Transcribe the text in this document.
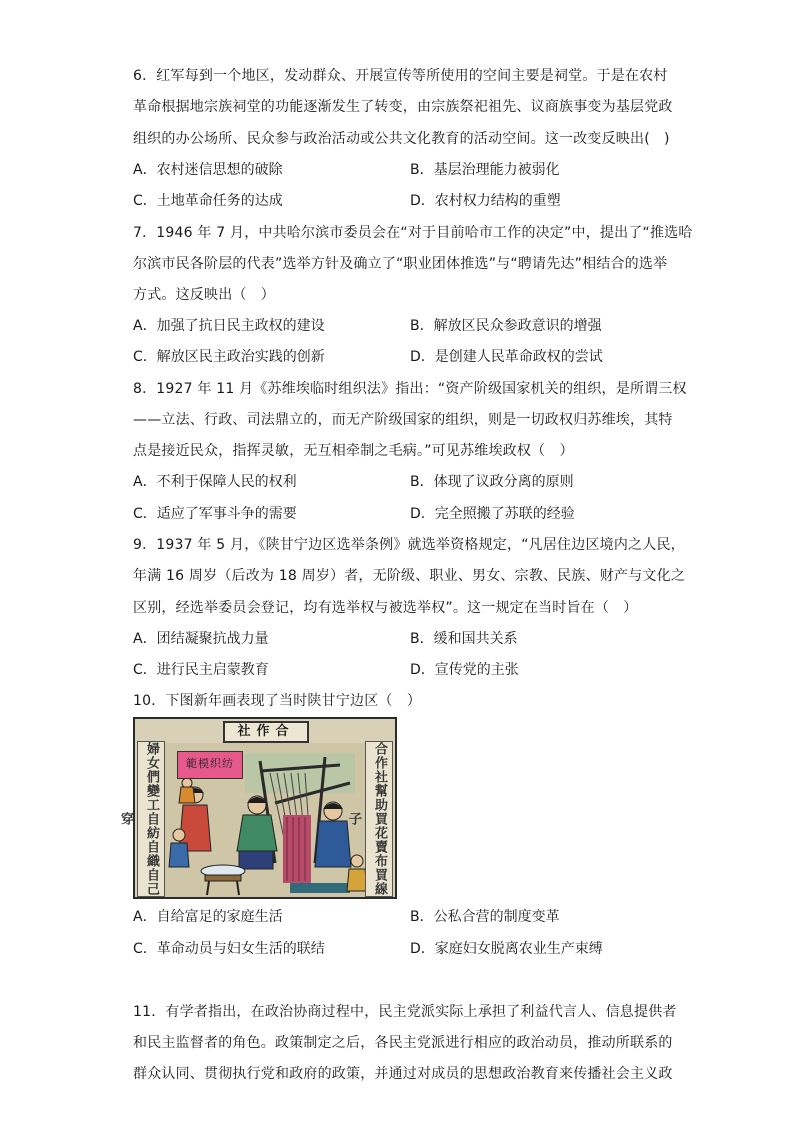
6．红军每到一个地区，发动群众、开展宣传等所使用的空间主要是祠堂。于是在农村
革命根据地宗族祠堂的功能逐渐发生了转变，由宗族祭祀祖先、议商族事变为基层党政
组织的办公场所、民众参与政治活动或公共文化教育的活动空间。这一改变反映出(　)
A．农村迷信思想的破除	B．基层治理能力被弱化
C．土地革命任务的达成	D．农村权力结构的重塑
7．1946 年 7 月，中共哈尔滨市委员会在“对于目前哈市工作的决定”中，提出了“推选哈
尔滨市民各阶层的代表”选举方针及确立了“职业团体推选”与“聘请先达”相结合的选举
方式。这反映出（　）
A．加强了抗日民主政权的建设	B．解放区民众参政意识的增强
C．解放区民主政治实践的创新	D．是创建人民革命政权的尝试
8．1927 年 11 月《苏维埃临时组织法》指出：“资产阶级国家机关的组织，是所谓三权
——立法、行政、司法鼎立的，而无产阶级国家的组织，则是一切政权归苏维埃，其特
点是接近民众，指挥灵敏，无互相牵制之毛病。”可见苏维埃政权（　）
A．不利于保障人民的权利	B．体现了议政分离的原则
C．适应了军事斗争的需要	D．完全照搬了苏联的经验
9．1937 年 5 月，《陕甘宁边区选举条例》就选举资格规定，“凡居住边区境内之人民，
年满 16 周岁（后改为 18 周岁）者，无阶级、职业、男女、宗教、民族、财产与文化之
区别，经选举委员会登记，均有选举权与被选举权”。这一规定在当时旨在（　）
A．团结凝聚抗战力量	B．缓和国共关系
C．进行民主启蒙教育	D．宣传党的主张
10．下图新年画表现了当时陕甘宁边区（　）
社作合
範模织纺
婦女們變工自紡自織自己穿	合作社幫助買花賣布買線子
A．自给富足的家庭生活	B．公私合营的制度变革
C．革命动员与妇女生活的联结	D．家庭妇女脱离农业生产束缚
11．有学者指出，在政治协商过程中，民主党派实际上承担了利益代言人、信息提供者
和民主监督者的角色。政策制定之后，各民主党派进行相应的政治动员，推动所联系的
群众认同、贯彻执行党和政府的政策，并通过对成员的思想政治教育来传播社会主义政
